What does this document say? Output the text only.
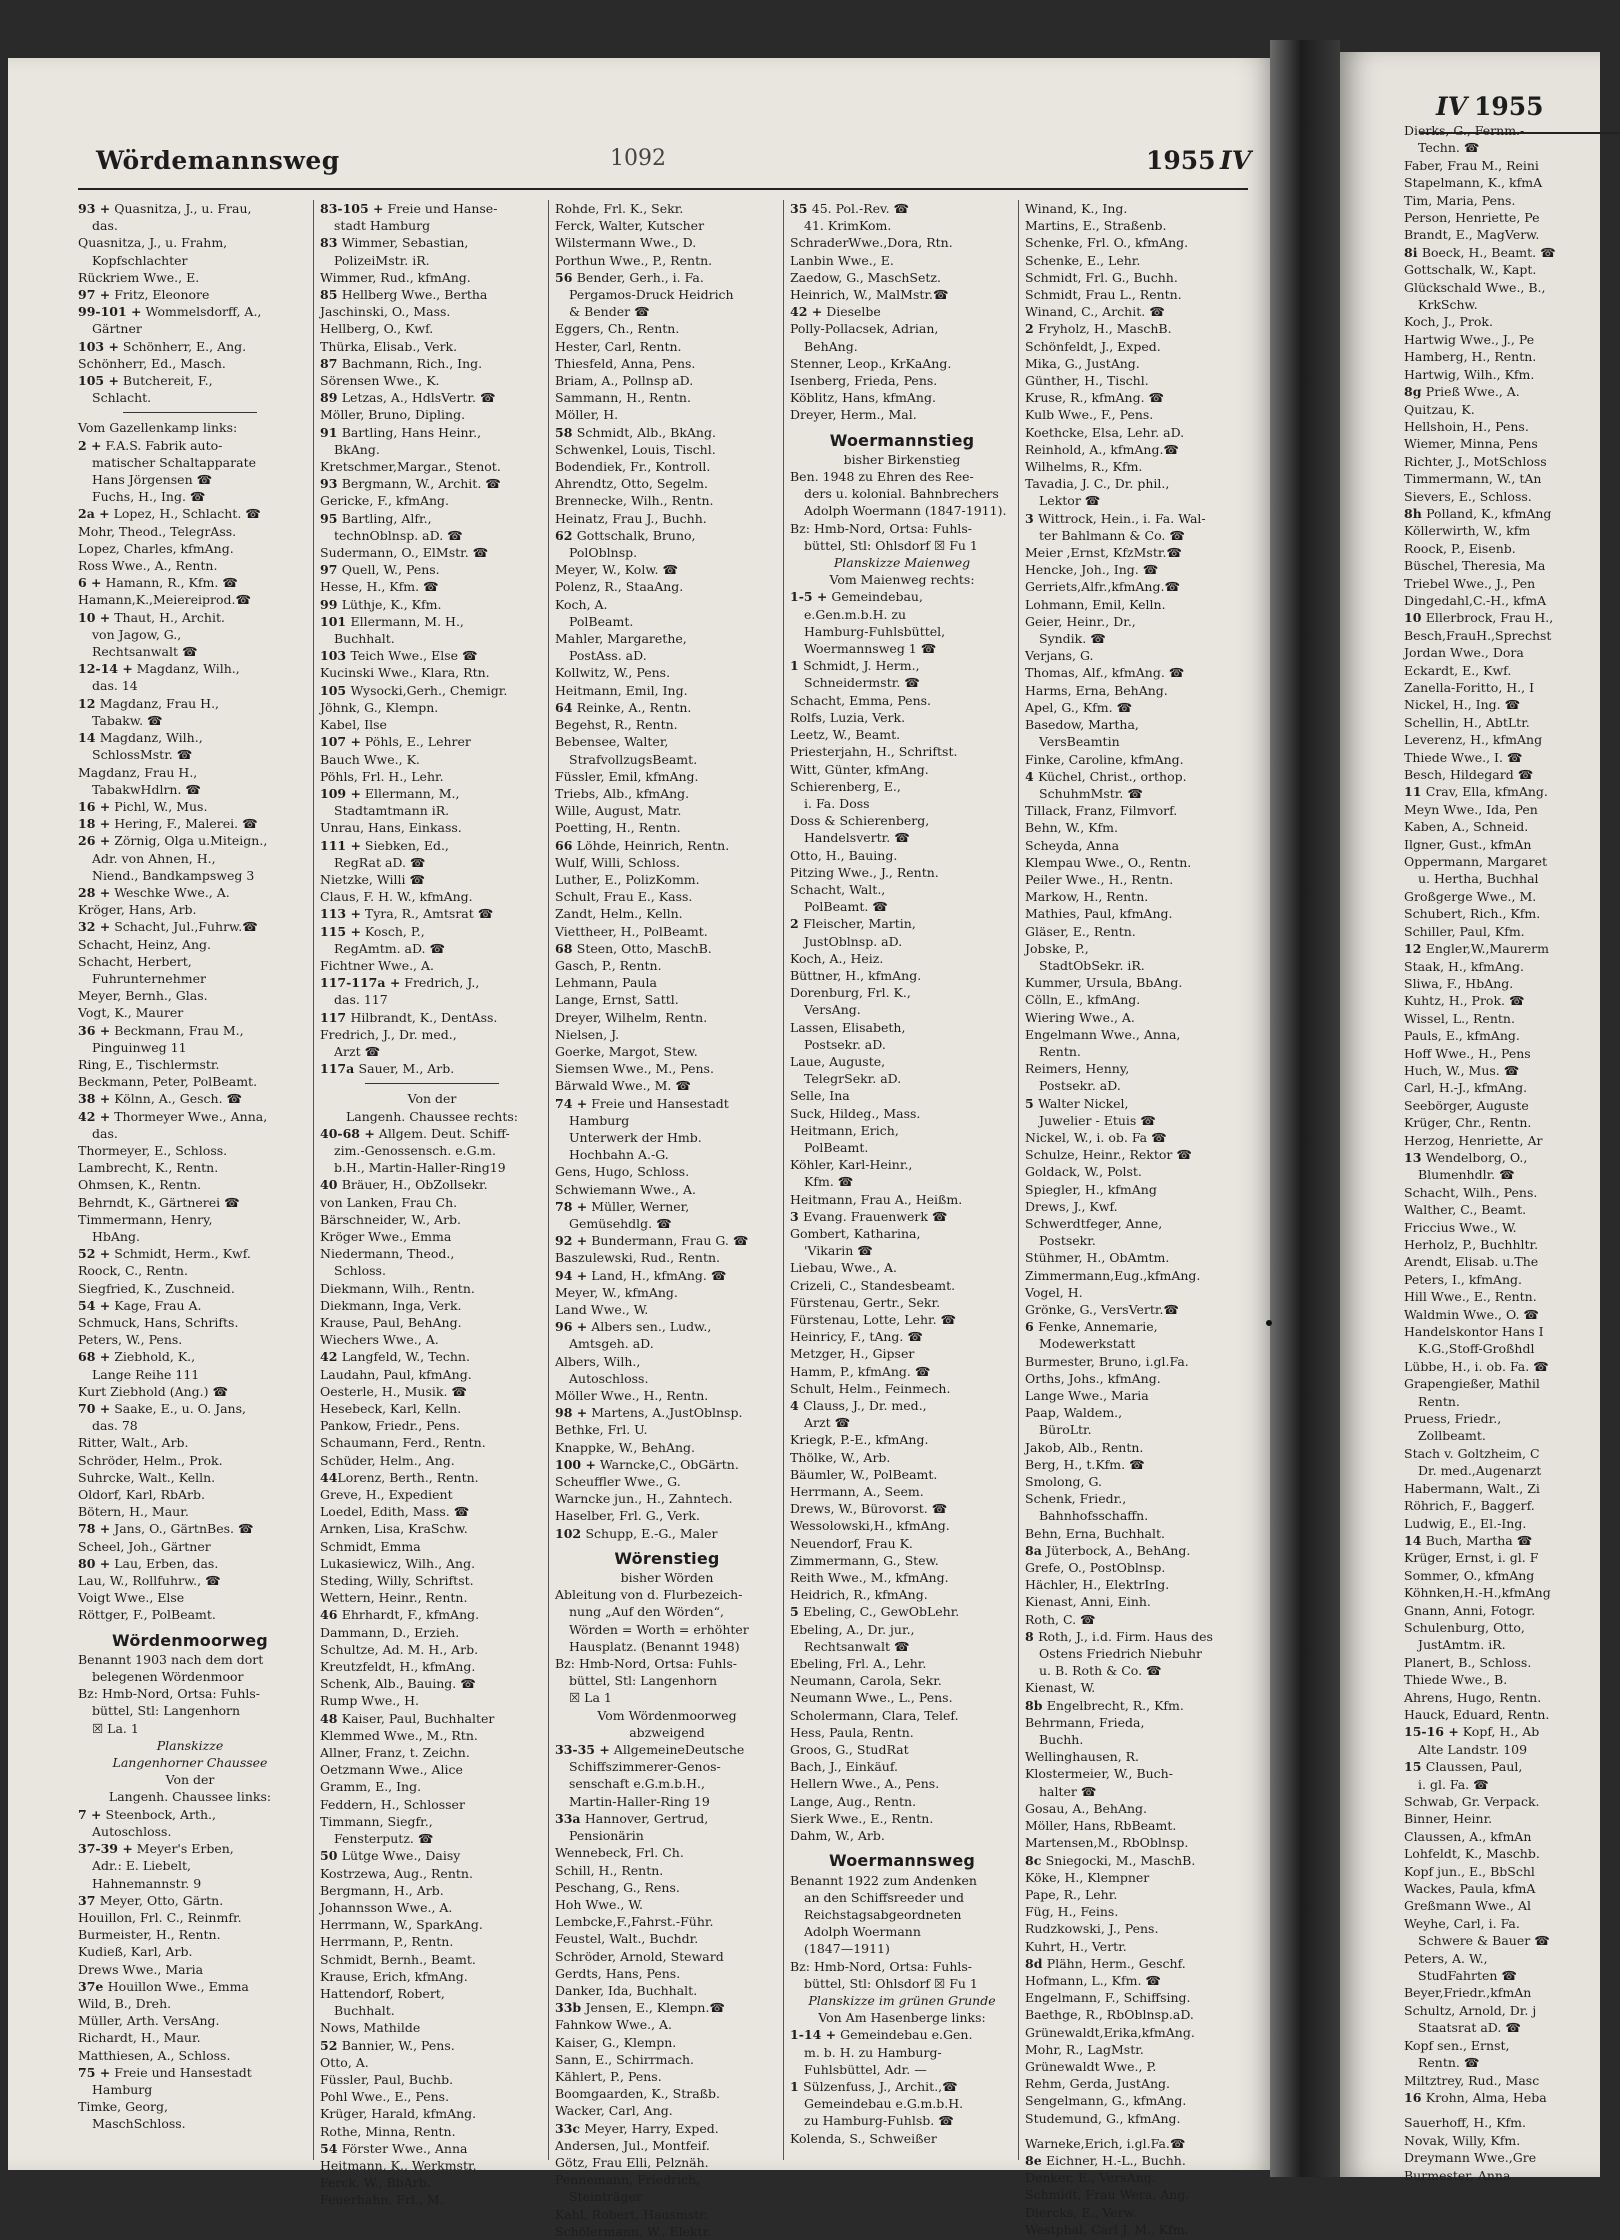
Wördemannsweg	1092	1955 IV
93 + Quasnitza, J., u. Frau,
das.
Quasnitza, J., u. Frahm,
Kopfschlachter
Rückriem Wwe., E.
97 + Fritz, Eleonore
99-101 + Wommelsdorff, A.,
Gärtner
103 + Schönherr, E., Ang.
Schönherr, Ed., Masch.
105 + Butchereit, F.,
Schlacht.
Vom Gazellenkamp links:
2 + F.A.S. Fabrik auto-
matischer Schaltapparate
Hans Jörgensen ☎
Fuchs, H., Ing. ☎
2a + Lopez, H., Schlacht. ☎
Mohr, Theod., TelegrAss.
Lopez, Charles, kfmAng.
Ross Wwe., A., Rentn.
6 + Hamann, R., Kfm. ☎
Hamann,K.,Meiereiprod.☎
10 + Thaut, H., Archit.
von Jagow, G.,
Rechtsanwalt ☎
12-14 + Magdanz, Wilh.,
das. 14
12 Magdanz, Frau H.,
Tabakw. ☎
14 Magdanz, Wilh.,
SchlossMstr. ☎
Magdanz, Frau H.,
TabakwHdlrn. ☎
16 + Pichl, W., Mus.
18 + Hering, F., Malerei. ☎
26 + Zörnig, Olga u.Miteign.,
Adr. von Ahnen, H.,
Niend., Bandkampsweg 3
28 + Weschke Wwe., A.
Kröger, Hans, Arb.
32 + Schacht, Jul.,Fuhrw.☎
Schacht, Heinz, Ang.
Schacht, Herbert,
Fuhrunternehmer
Meyer, Bernh., Glas.
Vogt, K., Maurer
36 + Beckmann, Frau M.,
Pinguinweg 11
Ring, E., Tischlermstr.
Beckmann, Peter, PolBeamt.
38 + Kölnn, A., Gesch. ☎
42 + Thormeyer Wwe., Anna,
das.
Thormeyer, E., Schloss.
Lambrecht, K., Rentn.
Ohmsen, K., Rentn.
Behrndt, K., Gärtnerei ☎
Timmermann, Henry,
HbAng.
52 + Schmidt, Herm., Kwf.
Roock, C., Rentn.
Siegfried, K., Zuschneid.
54 + Kage, Frau A.
Schmuck, Hans, Schrifts.
Peters, W., Pens.
68 + Ziebhold, K.,
Lange Reihe 111
Kurt Ziebhold (Ang.) ☎
70 + Saake, E., u. O. Jans,
das. 78
Ritter, Walt., Arb.
Schröder, Helm., Prok.
Suhrcke, Walt., Kelln.
Oldorf, Karl, RbArb.
Bötern, H., Maur.
78 + Jans, O., GärtnBes. ☎
Scheel, Joh., Gärtner
80 + Lau, Erben, das.
Lau, W., Rollfuhrw., ☎
Voigt Wwe., Else
Röttger, F., PolBeamt.
Wördenmoorweg
Benannt 1903 nach dem dort
belegenen Wördenmoor
Bz: Hmb-Nord, Ortsa: Fuhls-
büttel, Stl: Langenhorn
☒ La. 1
Planskizze
Langenhorner Chaussee
Von der
Langenh. Chaussee links:
7 + Steenbock, Arth.,
Autoschloss.
37-39 + Meyer's Erben,
Adr.: E. Liebelt,
Hahnemannstr. 9
37 Meyer, Otto, Gärtn.
Houillon, Frl. C., Reinmfr.
Burmeister, H., Rentn.
Kudieß, Karl, Arb.
Drews Wwe., Maria
37e Houillon Wwe., Emma
Wild, B., Dreh.
Müller, Arth. VersAng.
Richardt, H., Maur.
Matthiesen, A., Schloss.
75 + Freie und Hansestadt
Hamburg
Timke, Georg,
MaschSchloss.
83-105 + Freie und Hanse-
stadt Hamburg
83 Wimmer, Sebastian,
PolizeiMstr. iR.
Wimmer, Rud., kfmAng.
85 Hellberg Wwe., Bertha
Jaschinski, O., Mass.
Hellberg, O., Kwf.
Thürka, Elisab., Verk.
87 Bachmann, Rich., Ing.
Sörensen Wwe., K.
89 Letzas, A., HdlsVertr. ☎
Möller, Bruno, Dipling.
91 Bartling, Hans Heinr.,
BkAng.
Kretschmer,Margar., Stenot.
93 Bergmann, W., Archit. ☎
Gericke, F., kfmAng.
95 Bartling, Alfr.,
technOblnsp. aD. ☎
Sudermann, O., ElMstr. ☎
97 Quell, W., Pens.
Hesse, H., Kfm. ☎
99 Lüthje, K., Kfm.
101 Ellermann, M. H.,
Buchhalt.
103 Teich Wwe., Else ☎
Kucinski Wwe., Klara, Rtn.
105 Wysocki,Gerh., Chemigr.
Jöhnk, G., Klempn.
Kabel, Ilse
107 + Pöhls, E., Lehrer
Bauch Wwe., K.
Pöhls, Frl. H., Lehr.
109 + Ellermann, M.,
Stadtamtmann iR.
Unrau, Hans, Einkass.
111 + Siebken, Ed.,
RegRat aD. ☎
Nietzke, Willi ☎
Claus, F. H. W., kfmAng.
113 + Tyra, R., Amtsrat ☎
115 + Kosch, P.,
RegAmtm. aD. ☎
Fichtner Wwe., A.
117-117a + Fredrich, J.,
das. 117
117 Hilbrandt, K., DentAss.
Fredrich, J., Dr. med.,
Arzt ☎
117a Sauer, M., Arb.
Von der
Langenh. Chaussee rechts:
40-68 + Allgem. Deut. Schiff-
zim.-Genossensch. e.G.m.
b.H., Martin-Haller-Ring19
40 Bräuer, H., ObZollsekr.
von Lanken, Frau Ch.
Bärschneider, W., Arb.
Kröger Wwe., Emma
Niedermann, Theod.,
Schloss.
Diekmann, Wilh., Rentn.
Diekmann, Inga, Verk.
Krause, Paul, BehAng.
Wiechers Wwe., A.
42 Langfeld, W., Techn.
Laudahn, Paul, kfmAng.
Oesterle, H., Musik. ☎
Hesebeck, Karl, Kelln.
Pankow, Friedr., Pens.
Schaumann, Ferd., Rentn.
Schüder, Helm., Ang.
44Lorenz, Berth., Rentn.
Greve, H., Expedient
Loedel, Edith, Mass. ☎
Arnken, Lisa, KraSchw.
Schmidt, Emma
Lukasiewicz, Wilh., Ang.
Steding, Willy, Schriftst.
Wettern, Heinr., Rentn.
46 Ehrhardt, F., kfmAng.
Dammann, D., Erzieh.
Schultze, Ad. M. H., Arb.
Kreutzfeldt, H., kfmAng.
Schenk, Alb., Bauing. ☎
Rump Wwe., H.
48 Kaiser, Paul, Buchhalter
Klemmed Wwe., M., Rtn.
Allner, Franz, t. Zeichn.
Oetzmann Wwe., Alice
Gramm, E., Ing.
Feddern, H., Schlosser
Timmann, Siegfr.,
Fensterputz. ☎
50 Lütge Wwe., Daisy
Kostrzewa, Aug., Rentn.
Bergmann, H., Arb.
Johannsson Wwe., A.
Herrmann, W., SparkAng.
Herrmann, P., Rentn.
Schmidt, Bernh., Beamt.
Krause, Erich, kfmAng.
Hattendorf, Robert,
Buchhalt.
Nows, Mathilde
52 Bannier, W., Pens.
Otto, A.
Füssler, Paul, Buchb.
Pohl Wwe., E., Pens.
Krüger, Harald, kfmAng.
Rothe, Minna, Rentn.
54 Förster Wwe., Anna
Heitmann, K., Werkmstr.
Ferck, W., BbArb.
Feuerhahn, Frl., M.
Rohde, Frl. K., Sekr.
Ferck, Walter, Kutscher
Wilstermann Wwe., D.
Porthun Wwe., P., Rentn.
56 Bender, Gerh., i. Fa.
Pergamos-Druck Heidrich
& Bender ☎
Eggers, Ch., Rentn.
Hester, Carl, Rentn.
Thiesfeld, Anna, Pens.
Briam, A., Pollnsp aD.
Sammann, H., Rentn.
Möller, H.
58 Schmidt, Alb., BkAng.
Schwenkel, Louis, Tischl.
Bodendiek, Fr., Kontroll.
Ahrendtz, Otto, Segelm.
Brennecke, Wilh., Rentn.
Heinatz, Frau J., Buchh.
62 Gottschalk, Bruno,
PolOblnsp.
Meyer, W., Kolw. ☎
Polenz, R., StaaAng.
Koch, A.
PolBeamt.
Mahler, Margarethe,
PostAss. aD.
Kollwitz, W., Pens.
Heitmann, Emil, Ing.
64 Reinke, A., Rentn.
Begehst, R., Rentn.
Bebensee, Walter,
StrafvollzugsBeamt.
Füssler, Emil, kfmAng.
Triebs, Alb., kfmAng.
Wille, August, Matr.
Poetting, H., Rentn.
66 Löhde, Heinrich, Rentn.
Wulf, Willi, Schloss.
Luther, E., PolizKomm.
Schult, Frau E., Kass.
Zandt, Helm., Kelln.
Viettheer, H., PolBeamt.
68 Steen, Otto, MaschB.
Gasch, P., Rentn.
Lehmann, Paula
Lange, Ernst, Sattl.
Dreyer, Wilhelm, Rentn.
Nielsen, J.
Goerke, Margot, Stew.
Siemsen Wwe., M., Pens.
Bärwald Wwe., M. ☎
74 + Freie und Hansestadt
Hamburg
Unterwerk der Hmb.
Hochbahn A.-G.
Gens, Hugo, Schloss.
Schwiemann Wwe., A.
78 + Müller, Werner,
Gemüsehdlg. ☎
92 + Bundermann, Frau G. ☎
Baszulewski, Rud., Rentn.
94 + Land, H., kfmAng. ☎
Meyer, W., kfmAng.
Land Wwe., W.
96 + Albers sen., Ludw.,
Amtsgeh. aD.
Albers, Wilh.,
Autoschloss.
Möller Wwe., H., Rentn.
98 + Martens, A.,JustOblnsp.
Bethke, Frl. U.
Knappke, W., BehAng.
100 + Warncke,C., ObGärtn.
Scheuffler Wwe., G.
Warncke jun., H., Zahntech.
Haselber, Frl. G., Verk.
102 Schupp, E.-G., Maler
Wörenstieg
bisher Wörden
Ableitung von d. Flurbezeich-
nung „Auf den Wörden“,
Wörden = Worth = erhöhter
Hausplatz. (Benannt 1948)
Bz: Hmb-Nord, Ortsa: Fuhls-
büttel, Stl: Langenhorn
☒ La 1
Vom Wördenmoorweg
abzweigend
33-35 + AllgemeineDeutsche
Schiffszimmerer-Genos-
senschaft e.G.m.b.H.,
Martin-Haller-Ring 19
33a Hannover, Gertrud,
Pensionärin
Wennebeck, Frl. Ch.
Schill, H., Rentn.
Peschang, G., Rens.
Hoh Wwe., W.
Lembcke,F.,Fahrst.-Führ.
Feustel, Walt., Buchdr.
Schröder, Arnold, Steward
Gerdts, Hans, Pens.
Danker, Ida, Buchhalt.
33b Jensen, E., Klempn.☎
Fahnkow Wwe., A.
Kaiser, G., Klempn.
Sann, E., Schirrmach.
Kählert, P., Pens.
Boomgaarden, K., Straßb.
Wacker, Carl, Ang.
33c Meyer, Harry, Exped.
Andersen, Jul., Montfeif.
Götz, Frau Elli, Pelznäh.
Pennemann, Friedrich,
Steinträger
Kahl, Robert, Hausmstr.
Schölermann, W., Elektr.
35 45. Pol.-Rev. ☎
41. KrimKom.
SchraderWwe.,Dora, Rtn.
Lanbin Wwe., E.
Zaedow, G., MaschSetz.
Heinrich, W., MalMstr.☎
42 + Dieselbe
Polly-Pollacsek, Adrian,
BehAng.
Stenner, Leop., KrKaAng.
Isenberg, Frieda, Pens.
Köblitz, Hans, kfmAng.
Dreyer, Herm., Mal.
Woermannstieg
bisher Birkenstieg
Ben. 1948 zu Ehren des Ree-
ders u. kolonial. Bahnbrechers
Adolph Woermann (1847-1911).
Bz: Hmb-Nord, Ortsa: Fuhls-
büttel, Stl: Ohlsdorf ☒ Fu 1
Planskizze Maienweg
Vom Maienweg rechts:
1-5 + Gemeindebau,
e.Gen.m.b.H. zu
Hamburg-Fuhlsbüttel,
Woermannsweg 1 ☎
1 Schmidt, J. Herm.,
Schneidermstr. ☎
Schacht, Emma, Pens.
Rolfs, Luzia, Verk.
Leetz, W., Beamt.
Priesterjahn, H., Schriftst.
Witt, Günter, kfmAng.
Schierenberg, E.,
i. Fa. Doss
Doss & Schierenberg,
Handelsvertr. ☎
Otto, H., Bauing.
Pitzing Wwe., J., Rentn.
Schacht, Walt.,
PolBeamt. ☎
2 Fleischer, Martin,
JustOblnsp. aD.
Koch, A., Heiz.
Büttner, H., kfmAng.
Dorenburg, Frl. K.,
VersAng.
Lassen, Elisabeth,
Postsekr. aD.
Laue, Auguste,
TelegrSekr. aD.
Selle, Ina
Suck, Hildeg., Mass.
Heitmann, Erich,
PolBeamt.
Köhler, Karl-Heinr.,
Kfm. ☎
Heitmann, Frau A., Heißm.
3 Evang. Frauenwerk ☎
Gombert, Katharina,
'Vikarin ☎
Liebau, Wwe., A.
Crizeli, C., Standesbeamt.
Fürstenau, Gertr., Sekr.
Fürstenau, Lotte, Lehr. ☎
Heinricy, F., tAng. ☎
Metzger, H., Gipser
Hamm, P., kfmAng. ☎
Schult, Helm., Feinmech.
4 Clauss, J., Dr. med.,
Arzt ☎
Kriegk, P.-E., kfmAng.
Thölke, W., Arb.
Bäumler, W., PolBeamt.
Herrmann, A., Seem.
Drews, W., Bürovorst. ☎
Wessolowski,H., kfmAng.
Neuendorf, Frau K.
Zimmermann, G., Stew.
Reith Wwe., M., kfmAng.
Heidrich, R., kfmAng.
5 Ebeling, C., GewObLehr.
Ebeling, A., Dr. jur.,
Rechtsanwalt ☎
Ebeling, Frl. A., Lehr.
Neumann, Carola, Sekr.
Neumann Wwe., L., Pens.
Scholermann, Clara, Telef.
Hess, Paula, Rentn.
Groos, G., StudRat
Bach, J., Einkäuf.
Hellern Wwe., A., Pens.
Lange, Aug., Rentn.
Sierk Wwe., E., Rentn.
Dahm, W., Arb.
Woermannsweg
Benannt 1922 zum Andenken
an den Schiffsreeder und
Reichstagsabgeordneten
Adolph Woermann
(1847—1911)
Bz: Hmb-Nord, Ortsa: Fuhls-
büttel, Stl: Ohlsdorf ☒ Fu 1
Planskizze im grünen Grunde
Von Am Hasenberge links:
1-14 + Gemeindebau e.Gen.
m. b. H. zu Hamburg-
Fuhlsbüttel, Adr. —
1 Sülzenfuss, J., Archit.,☎
Gemeindebau e.G.m.b.H.
zu Hamburg-Fuhlsb. ☎
Kolenda, S., Schweißer
Winand, K., Ing.
Martins, E., Straßenb.
Schenke, Frl. O., kfmAng.
Schenke, E., Lehr.
Schmidt, Frl. G., Buchh.
Schmidt, Frau L., Rentn.
Winand, C., Archit. ☎
2 Fryholz, H., MaschB.
Schönfeldt, J., Exped.
Mika, G., JustAng.
Günther, H., Tischl.
Kruse, R., kfmAng. ☎
Kulb Wwe., F., Pens.
Koethcke, Elsa, Lehr. aD.
Reinhold, A., kfmAng.☎
Wilhelms, R., Kfm.
Tavadia, J. C., Dr. phil.,
Lektor ☎
3 Wittrock, Hein., i. Fa. Wal-
ter Bahlmann & Co. ☎
Meier ,Ernst, KfzMstr.☎
Hencke, Joh., Ing. ☎
Gerriets,Alfr.,kfmAng.☎
Lohmann, Emil, Kelln.
Geier, Heinr., Dr.,
Syndik. ☎
Verjans, G.
Thomas, Alf., kfmAng. ☎
Harms, Erna, BehAng.
Apel, G., Kfm. ☎
Basedow, Martha,
VersBeamtin
Finke, Caroline, kfmAng.
4 Küchel, Christ., orthop.
SchuhmMstr. ☎
Tillack, Franz, Filmvorf.
Behn, W., Kfm.
Scheyda, Anna
Klempau Wwe., O., Rentn.
Peiler Wwe., H., Rentn.
Markow, H., Rentn.
Mathies, Paul, kfmAng.
Gläser, E., Rentn.
Jobske, P.,
StadtObSekr. iR.
Kummer, Ursula, BbAng.
Cölln, E., kfmAng.
Wiering Wwe., A.
Engelmann Wwe., Anna,
Rentn.
Reimers, Henny,
Postsekr. aD.
5 Walter Nickel,
Juwelier - Etuis ☎
Nickel, W., i. ob. Fa ☎
Schulze, Heinr., Rektor ☎
Goldack, W., Polst.
Spiegler, H., kfmAng
Drews, J., Kwf.
Schwerdtfeger, Anne,
Postsekr.
Stühmer, H., ObAmtm.
Zimmermann,Eug.,kfmAng.
Vogel, H.
Grönke, G., VersVertr.☎
6 Fenke, Annemarie,
Modewerkstatt
Burmester, Bruno, i.gl.Fa.
Orths, Johs., kfmAng.
Lange Wwe., Maria
Paap, Waldem.,
BüroLtr.
Jakob, Alb., Rentn.
Berg, H., t.Kfm. ☎
Smolong, G.
Schenk, Friedr.,
Bahnhofsschaffn.
Behn, Erna, Buchhalt.
8a Jüterbock, A., BehAng.
Grefe, O., PostOblnsp.
Hächler, H., ElektrIng.
Kienast, Anni, Einh.
Roth, C. ☎
8 Roth, J., i.d. Firm. Haus des
Ostens Friedrich Niebuhr
u. B. Roth & Co. ☎
Kienast, W.
8b Engelbrecht, R., Kfm.
Behrmann, Frieda,
Buchh.
Wellinghausen, R.
Klostermeier, W., Buch-
halter ☎
Gosau, A., BehAng.
Möller, Hans, RbBeamt.
Martensen,M., RbOblnsp.
8c Sniegocki, M., MaschB.
Köke, H., Klempner
Pape, R., Lehr.
Füg, H., Feins.
Rudzkowski, J., Pens.
Kuhrt, H., Vertr.
8d Plähn, Herm., Geschf.
Hofmann, L., Kfm. ☎
Engelmann, F., Schiffsing.
Baethge, R., RbOblnsp.aD.
Grünewaldt,Erika,kfmAng.
Mohr, R., LagMstr.
Grünewaldt Wwe., P.
Rehm, Gerda, JustAng.
Sengelmann, G., kfmAng.
Studemund, G., kfmAng.
Warneke,Erich, i.gl.Fa.☎
8e Eichner, H.-L., Buchh.
Denker, E., VersAng.
Schmidt, Frau Wera, Ang.
Diercks, E., Verw.
Westphal, Carl J. M., Kfm.
IV 1955
Dierks, G., Fernm.-
Techn. ☎
Faber, Frau M., Reini
Stapelmann, K., kfmA
Tim, Maria, Pens.
Person, Henriette, Pe
Brandt, E., MagVerw.
8i Boeck, H., Beamt. ☎
Gottschalk, W., Kapt.
Glückschald Wwe., B.,
KrkSchw.
Koch, J., Prok.
Hartwig Wwe., J., Pe
Hamberg, H., Rentn.
Hartwig, Wilh., Kfm.
8g Prieß Wwe., A.
Quitzau, K.
Hellshoin, H., Pens.
Wiemer, Minna, Pens
Richter, J., MotSchloss
Timmermann, W., tAn
Sievers, E., Schloss.
8h Polland, K., kfmAng
Köllerwirth, W., kfm
Roock, P., Eisenb.
Büschel, Theresia, Ma
Triebel Wwe., J., Pen
Dingedahl,C.-H., kfmA
10 Ellerbrock, Frau H.,
Besch,FrauH.,Sprechst
Jordan Wwe., Dora
Eckardt, E., Kwf.
Zanella-Foritto, H., I
Nickel, H., Ing. ☎
Schellin, H., AbtLtr.
Leverenz, H., kfmAng
Thiede Wwe., I. ☎
Besch, Hildegard ☎
11 Crav, Ella, kfmAng.
Meyn Wwe., Ida, Pen
Kaben, A., Schneid.
Ilgner, Gust., kfmAn
Oppermann, Margaret
u. Hertha, Buchhal
Großgerge Wwe., M.
Schubert, Rich., Kfm.
Schiller, Paul, Kfm.
12 Engler,W.,Maurerm
Staak, H., kfmAng.
Sliwa, F., HbAng.
Kuhtz, H., Prok. ☎
Wissel, L., Rentn.
Pauls, E., kfmAng.
Hoff Wwe., H., Pens
Huch, W., Mus. ☎
Carl, H.-J., kfmAng.
Seebörger, Auguste
Krüger, Chr., Rentn.
Herzog, Henriette, Ar
13 Wendelborg, O.,
Blumenhdlr. ☎
Schacht, Wilh., Pens.
Walther, C., Beamt.
Friccius Wwe., W.
Herholz, P., Buchhltr.
Arendt, Elisab. u.The
Peters, I., kfmAng.
Hill Wwe., E., Rentn.
Waldmin Wwe., O. ☎
Handelskontor Hans I
K.G.,Stoff-Großhdl
Lübbe, H., i. ob. Fa. ☎
Grapengießer, Mathil
Rentn.
Pruess, Friedr.,
Zollbeamt.
Stach v. Goltzheim, C
Dr. med.,Augenarzt
Habermann, Walt., Zi
Röhrich, F., Baggerf.
Ludwig, E., El.-Ing.
14 Buch, Martha ☎
Krüger, Ernst, i. gl. F
Sommer, O., kfmAng
Köhnken,H.-H.,kfmAng
Gnann, Anni, Fotogr.
Schulenburg, Otto,
JustAmtm. iR.
Planert, B., Schloss.
Thiede Wwe., B.
Ahrens, Hugo, Rentn.
Hauck, Eduard, Rentn.
15-16 + Kopf, H., Ab
Alte Landstr. 109
15 Claussen, Paul,
i. gl. Fa. ☎
Schwab, Gr. Verpack.
Binner, Heinr.
Claussen, A., kfmAn
Lohfeldt, K., Maschb.
Kopf jun., E., BbSchl
Wackes, Paula, kfmA
Greßmann Wwe., Al
Weyhe, Carl, i. Fa.
Schwere & Bauer ☎
Peters, A. W.,
StudFahrten ☎
Beyer,Friedr.,kfmAn
Schultz, Arnold, Dr. j
Staatsrat aD. ☎
Kopf sen., Ernst,
Rentn. ☎
Miltztrey, Rud., Masc
16 Krohn, Alma, Heba
Sauerhoff, H., Kfm.
Novak, Willy, Kfm.
Dreymann Wwe.,Gre
Burmester, Anna
